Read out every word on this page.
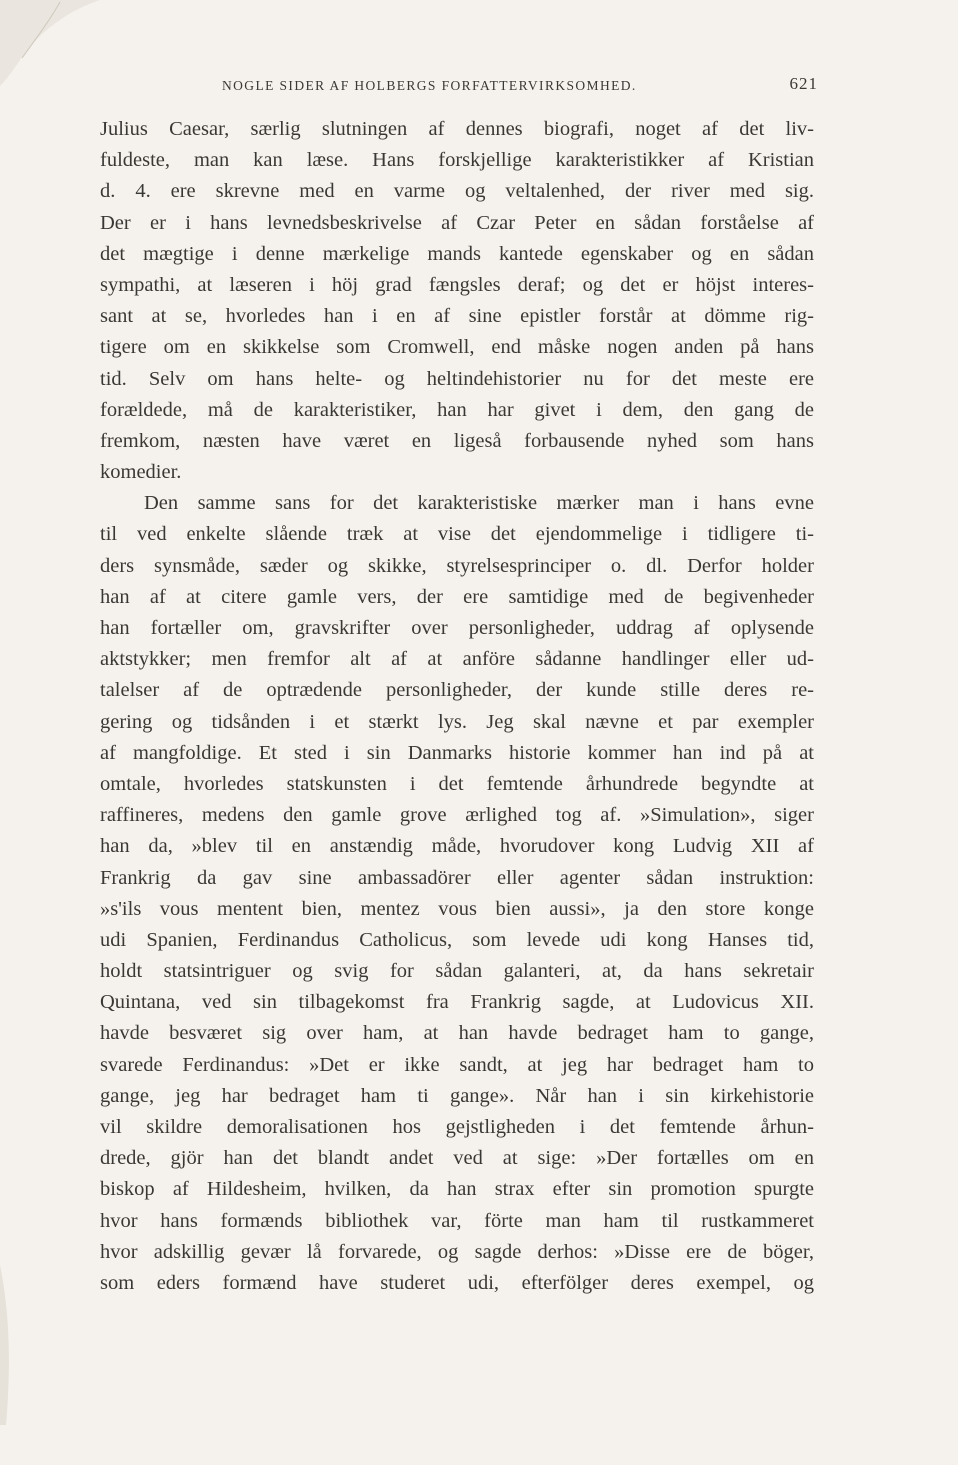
NOGLE SIDER AF HOLBERGS FORFATTERVIRKSOMHED.	621
Julius Caesar, særlig slutningen af dennes biografi, noget af det liv-
fuldeste, man kan læse. Hans forskjellige karakteristikker af Kristian
d. 4. ere skrevne med en varme og veltalenhed, der river med sig.
Der er i hans levnedsbeskrivelse af Czar Peter en sådan forståelse af
det mægtige i denne mærkelige mands kantede egenskaber og en sådan
sympathi, at læseren i höj grad fængsles deraf; og det er höjst interes-
sant at se, hvorledes han i en af sine epistler forstår at dömme rig-
tigere om en skikkelse som Cromwell, end måske nogen anden på hans
tid. Selv om hans helte- og heltindehistorier nu for det meste ere
forældede, må de karakteristiker, han har givet i dem, den gang de
fremkom, næsten have været en ligeså forbausende nyhed som hans
komedier.
Den samme sans for det karakteristiske mærker man i hans evne
til ved enkelte slående træk at vise det ejendommelige i tidligere ti-
ders synsmåde, sæder og skikke, styrelsesprinciper o. dl. Derfor holder
han af at citere gamle vers, der ere samtidige med de begivenheder
han fortæller om, gravskrifter over personligheder, uddrag af oplysende
aktstykker; men fremfor alt af at anföre sådanne handlinger eller ud-
talelser af de optrædende personligheder, der kunde stille deres re-
gering og tidsånden i et stærkt lys. Jeg skal nævne et par exempler
af mangfoldige. Et sted i sin Danmarks historie kommer han ind på at
omtale, hvorledes statskunsten i det femtende århundrede begyndte at
raffineres, medens den gamle grove ærlighed tog af. »Simulation», siger
han da, »blev til en anstændig måde, hvorudover kong Ludvig XII af
Frankrig da gav sine ambassadörer eller agenter sådan instruktion:
»s'ils vous mentent bien, mentez vous bien aussi», ja den store konge
udi Spanien, Ferdinandus Catholicus, som levede udi kong Hanses tid,
holdt statsintriguer og svig for sådan galanteri, at, da hans sekretair
Quintana, ved sin tilbagekomst fra Frankrig sagde, at Ludovicus XII.
havde besværet sig over ham, at han havde bedraget ham to gange,
svarede Ferdinandus: »Det er ikke sandt, at jeg har bedraget ham to
gange, jeg har bedraget ham ti gange». Når han i sin kirkehistorie
vil skildre demoralisationen hos gejstligheden i det femtende århun-
drede, gjör han det blandt andet ved at sige: »Der fortælles om en
biskop af Hildesheim, hvilken, da han strax efter sin promotion spurgte
hvor hans formænds bibliothek var, förte man ham til rustkammeret
hvor adskillig gevær lå forvarede, og sagde derhos: »Disse ere de böger,
som eders formænd have studeret udi, efterfölger deres exempel, og
